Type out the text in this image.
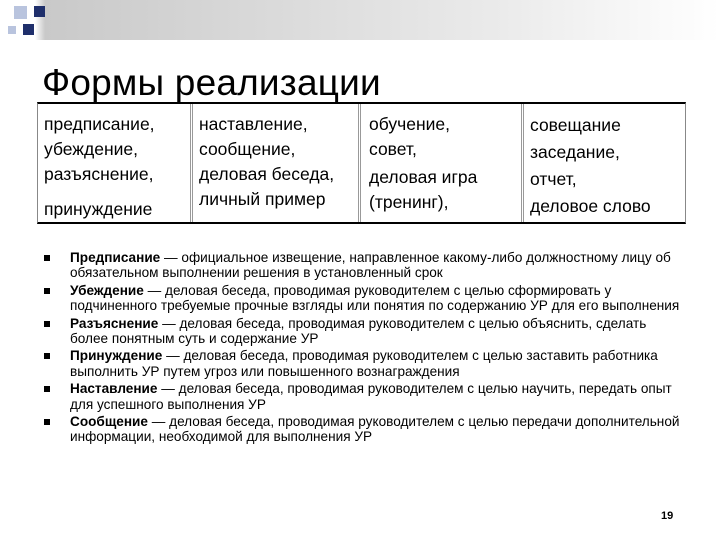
Формы реализации
предписание,
убеждение,
разъяснение,
принуждение
наставление,
сообщение,
деловая беседа,
личный пример
обучение,
совет,
деловая игра
(тренинг),
совещание
заседание,
отчет,
деловое слово
Предписание — официальное извещение, направленное какому-либо должностному лицу об обязательном выполнении решения в установленный срок
Убеждение — деловая беседа, проводимая руководителем с целью сформировать у подчиненного требуемые прочные взгляды или понятия по содержанию УР для его выполнения
Разъяснение — деловая беседа, проводимая руководителем с целью объяснить, сделать более понятным суть и содержание УР
Принуждение — деловая беседа, проводимая руководителем с целью заставить работника выполнить УР путем угроз или повышенного вознаграждения
Наставление — деловая беседа, проводимая руководителем с целью научить, передать опыт для успешного выполнения УР
Сообщение — деловая беседа, проводимая руководителем с целью передачи дополнительной информации, необходимой для выполнения УР
19
